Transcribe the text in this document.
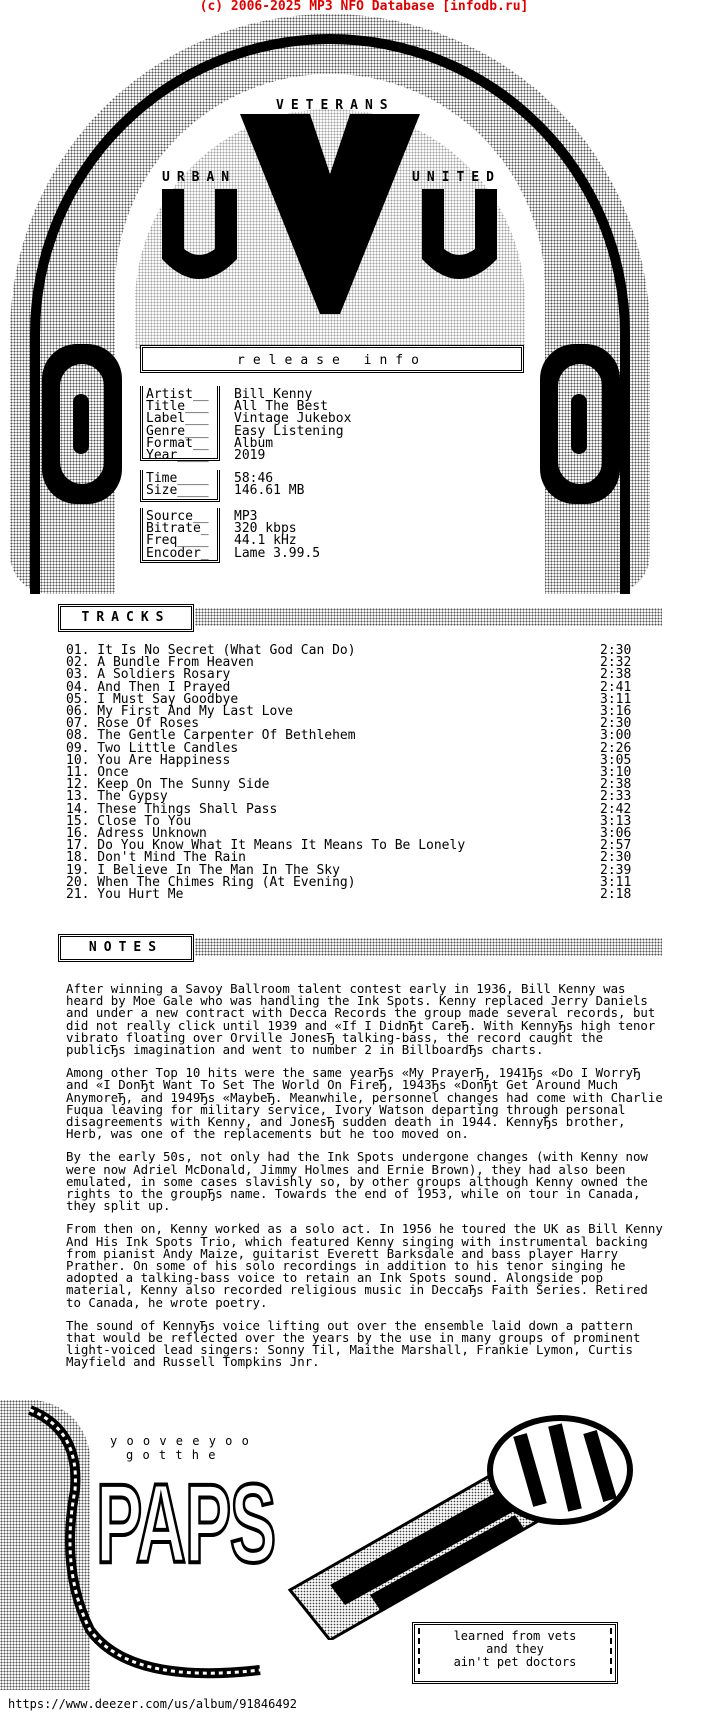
(c) 2006-2025 MP3 NFO Database [infodb.ru]
VETERANS
URBAN	UNITED
release info
Artist__ Bill Kenny
Title___ All The Best
Label___ Vintage Jukebox
Genre___ Easy Listening
Format__ Album
Year____ 2019
Time____ 58:46
Size____ 146.61 MB
Source__ MP3
Bitrate_ 320 kbps
Freq____ 44.1 kHz
Encoder_ Lame 3.99.5
TRACKS
01. It Is No Secret (What God Can Do)	2:30
02. A Bundle From Heaven	2:32
03. A Soldiers Rosary	2:38
04. And Then I Prayed	2:41
05. I Must Say Goodbye	3:11
06. My First And My Last Love	3:16
07. Rose Of Roses	2:30
08. The Gentle Carpenter Of Bethlehem	3:00
09. Two Little Candles	2:26
10. You Are Happiness	3:05
11. Once	3:10
12. Keep On The Sunny Side	2:38
13. The Gypsy	2:33
14. These Things Shall Pass	2:42
15. Close To You	3:13
16. Adress Unknown	3:06
17. Do You Know What It Means It Means To Be Lonely	2:57
18. Don't Mind The Rain	2:30
19. I Believe In The Man In The Sky	2:39
20. When The Chimes Ring (At Evening)	3:11
21. You Hurt Me	2:18
NOTES

After winning a Savoy Ballroom talent contest early in 1936, Bill Kenny was heard by Moe Gale who was handling the Ink Spots. Kenny replaced Jerry Daniels and under a new contract with Decca Records the group made several records, but did not really click until 1939 and «If I DidnЂt CareЂ. With KennyЂs high tenor vibrato floating over Orville JonesЂ talking-bass, the record caught the publicЂs imagination and went to number 2 in BillboardЂs charts.

Among other Top 10 hits were the same yearЂs «My PrayerЂ, 1941Ђs «Do I WorryЂ and «I DonЂt Want To Set The World On FireЂ, 1943Ђs «DonЂt Get Around Much AnymoreЂ, and 1949Ђs «MaybeЂ. Meanwhile, personnel changes had come with Charlie Fuqua leaving for military service, Ivory Watson departing through personal disagreements with Kenny, and JonesЂ sudden death in 1944. KennyЂs brother, Herb, was one of the replacements but he too moved on.

By the early 50s, not only had the Ink Spots undergone changes (with Kenny now were now Adriel McDonald, Jimmy Holmes and Ernie Brown), they had also been emulated, in some cases slavishly so, by other groups although Kenny owned the rights to the groupЂs name. Towards the end of 1953, while on tour in Canada, they split up.

From then on, Kenny worked as a solo act. In 1956 he toured the UK as Bill Kenny And His Ink Spots Trio, which featured Kenny singing with instrumental backing from pianist Andy Maize, guitarist Everett Barksdale and bass player Harry Prather. On some of his solo recordings in addition to his tenor singing he adopted a talking-bass voice to retain an Ink Spots sound. Alongside pop material, Kenny also recorded religious music in DeccaЂs Faith Series. Retired to Canada, he wrote poetry.

The sound of KennyЂs voice lifting out over the ensemble laid down a pattern that would be reflected over the years by the use in many groups of prominent light-voiced lead singers: Sonny Til, Maithe Marshall, Frankie Lymon, Curtis Mayfield and Russell Tompkins Jnr.

y o o v e e y o o
g o t t h e
PAPS
learned from vets
and they
ain't pet doctors
https://www.deezer.com/us/album/91846492
